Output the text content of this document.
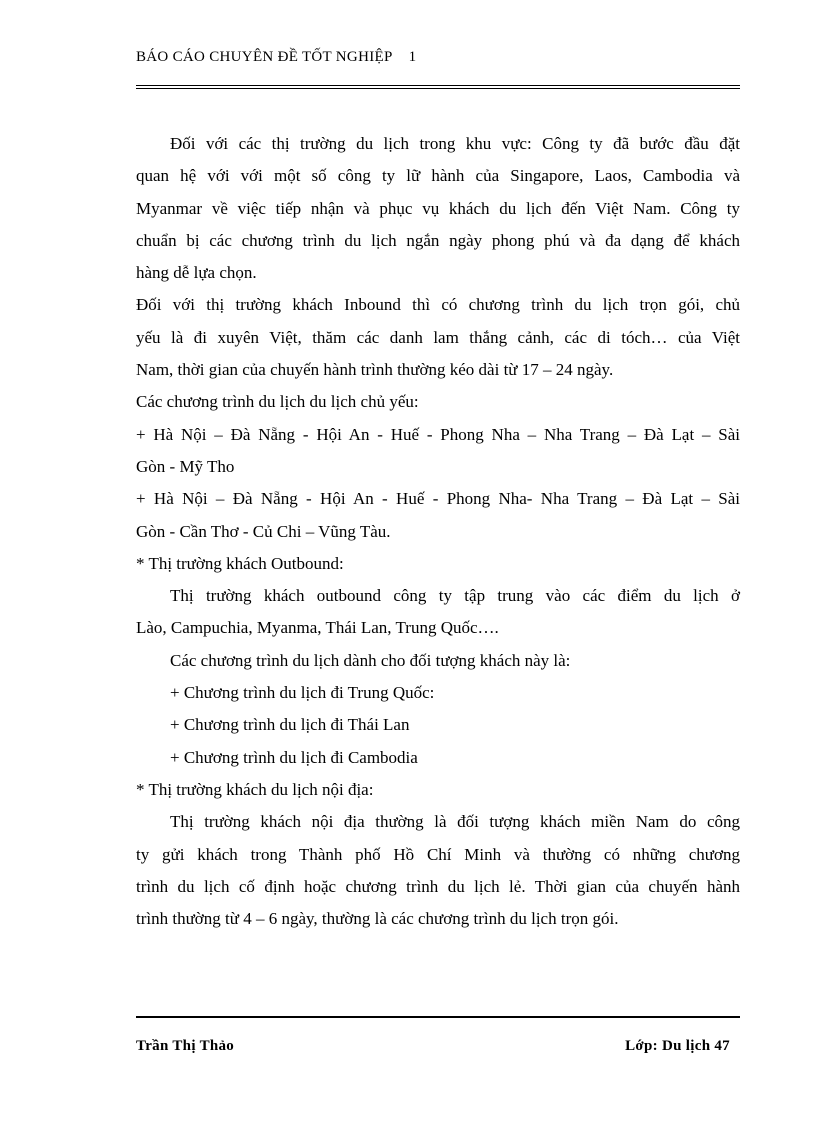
BÁO CÁO CHUYÊN ĐỀ TỐT NGHIỆP 1

Đối với các thị trường du lịch trong khu vực: Công ty đã bước đầu đặt

quan hệ với với một số công ty lữ hành của Singapore, Laos, Cambodia và

Myanmar về việc tiếp nhận và phục vụ khách du lịch đến Việt Nam. Công ty

chuẩn bị các chương trình du lịch ngắn ngày phong phú và đa dạng để khách

hàng dễ lựa chọn.

Đối với thị trường khách Inbound thì có chương trình du lịch trọn gói, chủ

yếu là đi xuyên Việt, thăm các danh lam thắng cảnh, các di tóch… của Việt

Nam, thời gian của chuyến hành trình thường kéo dài từ 17 – 24 ngày.

Các chương trình du lịch du lịch chủ yếu:

+ Hà Nội – Đà Nẵng - Hội An - Huế - Phong Nha – Nha Trang – Đà Lạt – Sài

Gòn - Mỹ Tho

+ Hà Nội – Đà Nẵng - Hội An - Huế - Phong Nha- Nha Trang – Đà Lạt – Sài

Gòn - Cần Thơ - Củ Chi – Vũng Tàu.

* Thị trường khách Outbound:

Thị trường khách outbound công ty tập trung vào các điểm du lịch ở

Lào, Campuchia, Myanma, Thái Lan, Trung Quốc….

Các chương trình du lịch dành cho đối tượng khách này là:

+ Chương trình du lịch đi Trung Quốc:

+ Chương trình du lịch đi Thái Lan

+ Chương trình du lịch đi Cambodia

* Thị trường khách du lịch nội địa:

Thị trường khách nội địa thường là đối tượng khách miền Nam do công

ty gửi khách trong Thành phố Hồ Chí Minh và thường có những chương

trình du lịch cố định hoặc chương trình du lịch lẻ. Thời gian của chuyến hành

trình thường từ 4 – 6 ngày, thường là các chương trình du lịch trọn gói.

Trần Thị Thảo	Lớp: Du lịch 47
